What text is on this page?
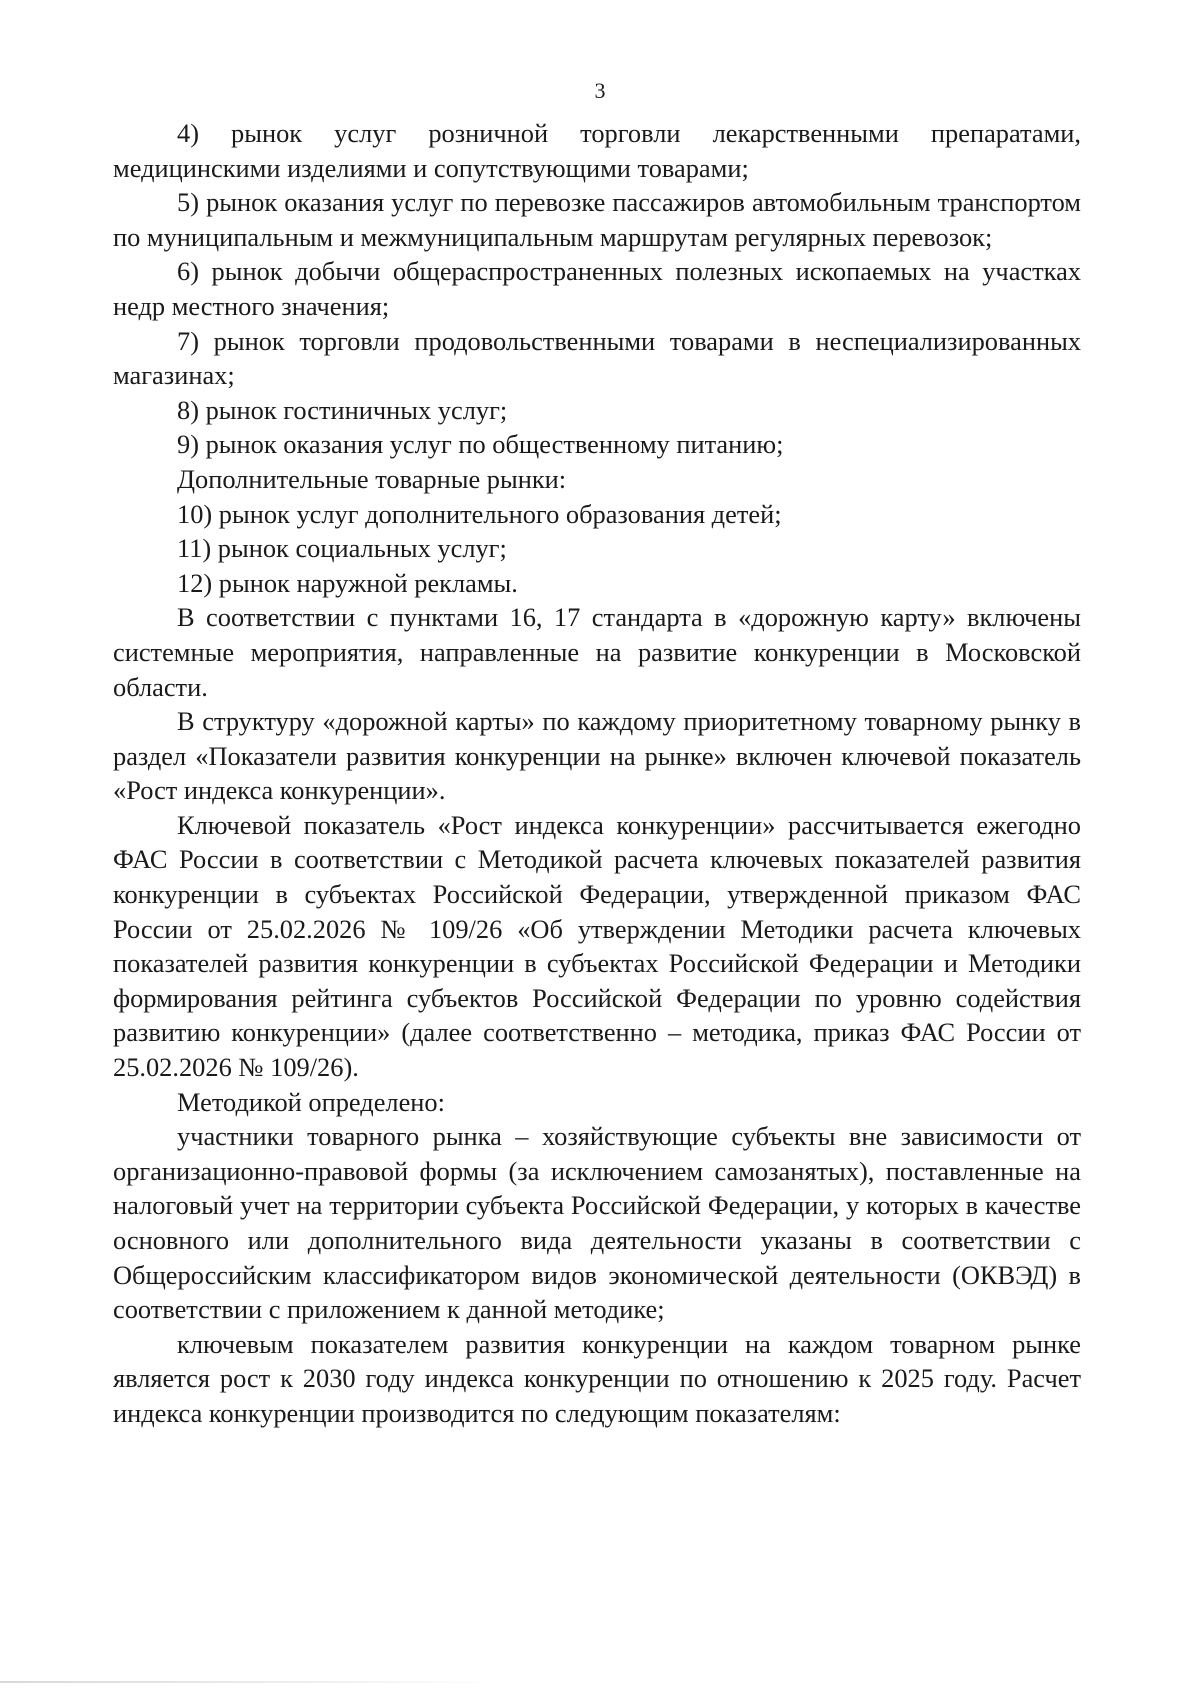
3

4) рынок услуг розничной торговли лекарственными препаратами, медицинскими изделиями и сопутствующими товарами;

5) рынок оказания услуг по перевозке пассажиров автомобильным транспортом по муниципальным и межмуниципальным маршрутам регулярных перевозок;

6) рынок добычи общераспространенных полезных ископаемых на участках недр местного значения;

7) рынок торговли продовольственными товарами в неспециализированных магазинах;

8) рынок гостиничных услуг;

9) рынок оказания услуг по общественному питанию;

Дополнительные товарные рынки:

10) рынок услуг дополнительного образования детей;

11) рынок социальных услуг;

12) рынок наружной рекламы.

В соответствии с пунктами 16, 17 стандарта в «дорожную карту» включены системные мероприятия, направленные на развитие конкуренции в Московской области.

В структуру «дорожной карты» по каждому приоритетному товарному рынку в раздел «Показатели развития конкуренции на рынке» включен ключевой показатель «Рост индекса конкуренции».

Ключевой показатель «Рост индекса конкуренции» рассчитывается ежегодно ФАС России в соответствии с Методикой расчета ключевых показателей развития конкуренции в субъектах Российской Федерации, утвержденной приказом ФАС России от 25.02.2026 № 109/26 «Об утверждении Методики расчета ключевых показателей развития конкуренции в субъектах Российской Федерации и Методики формирования рейтинга субъектов Российской Федерации по уровню содействия развитию конкуренции» (далее соответственно – методика, приказ ФАС России от 25.02.2026 № 109/26).

Методикой определено:

участники товарного рынка – хозяйствующие субъекты вне зависимости от организационно-правовой формы (за исключением самозанятых), поставленные на налоговый учет на территории субъекта Российской Федерации, у которых в качестве основного или дополнительного вида деятельности указаны в соответствии с Общероссийским классификатором видов экономической деятельности (ОКВЭД) в соответствии с приложением к данной методике;

ключевым показателем развития конкуренции на каждом товарном рынке является рост к 2030 году индекса конкуренции по отношению к 2025 году. Расчет индекса конкуренции производится по следующим показателям:
